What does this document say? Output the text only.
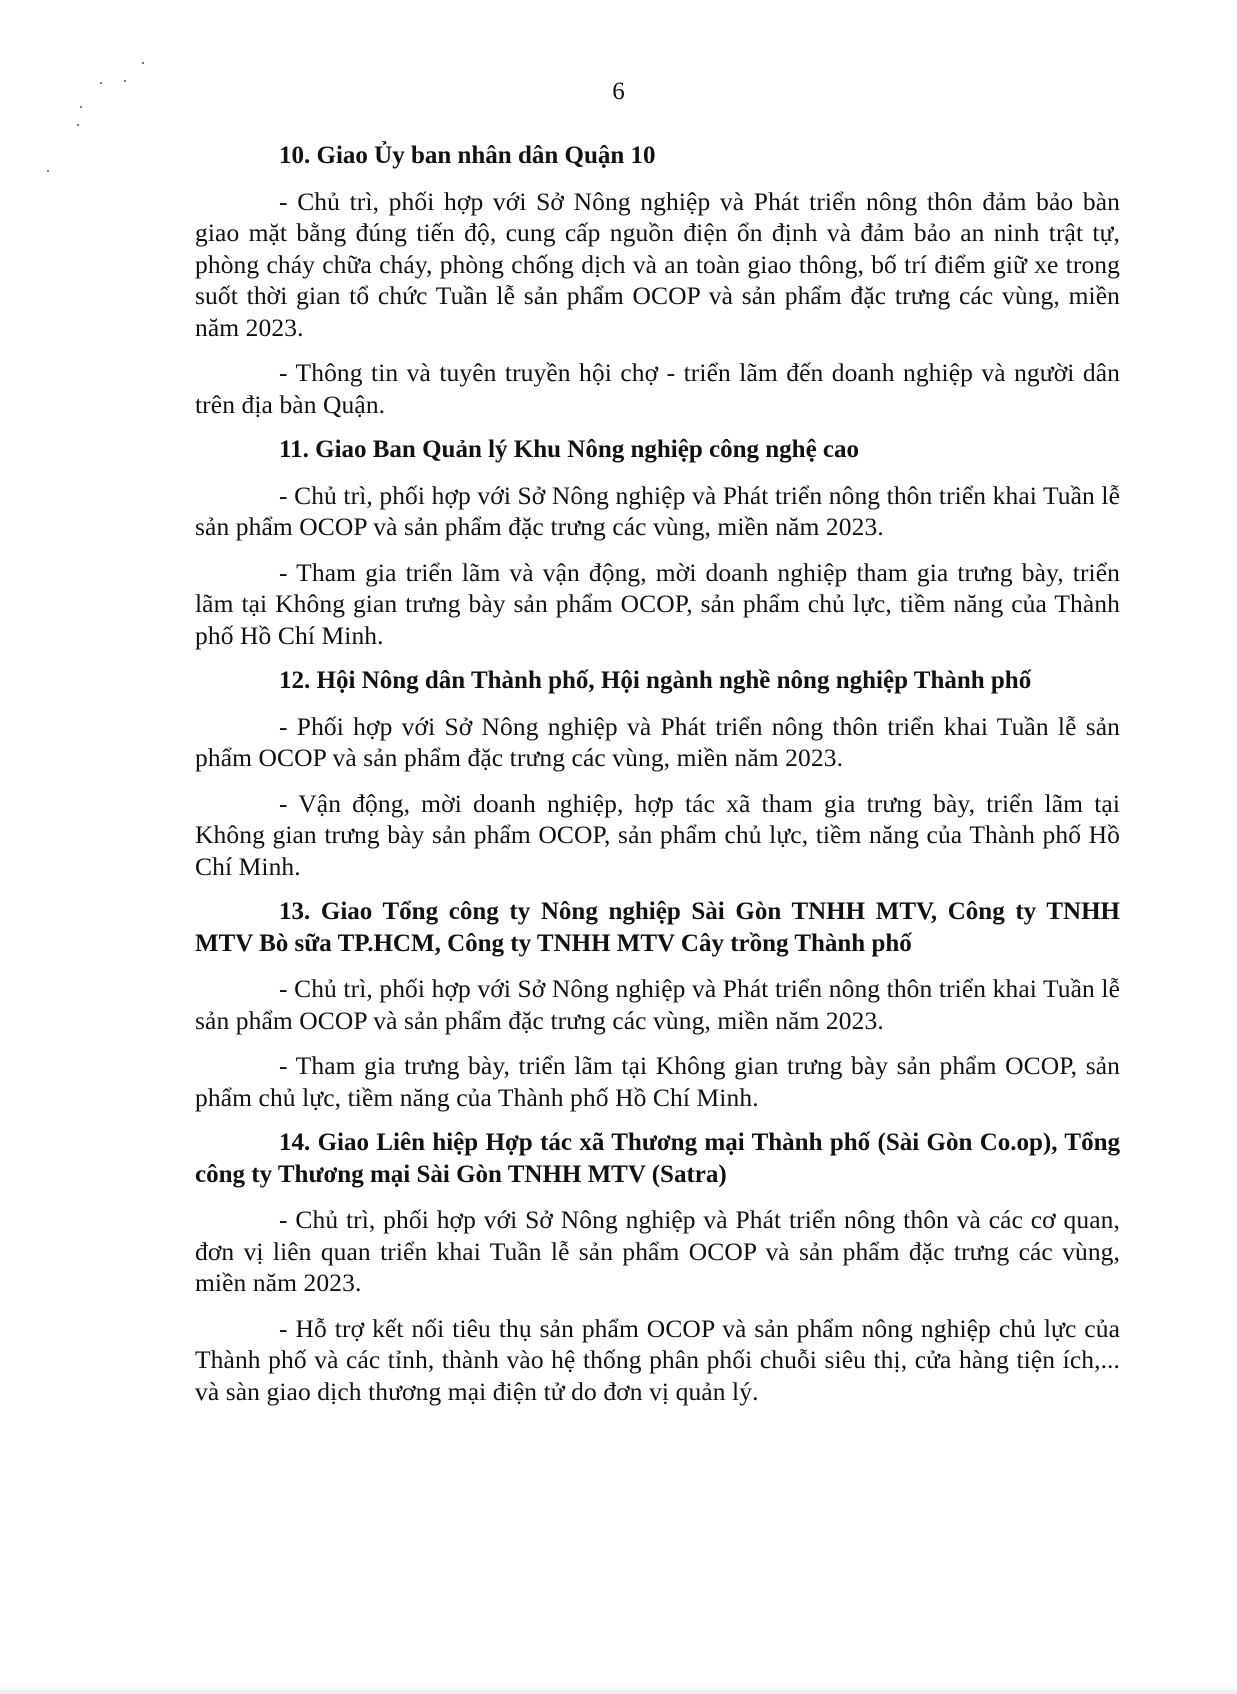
6

10. Giao Ủy ban nhân dân Quận 10

- Chủ trì, phối hợp với Sở Nông nghiệp và Phát triển nông thôn đảm bảo bàn giao mặt bằng đúng tiến độ, cung cấp nguồn điện ổn định và đảm bảo an ninh trật tự, phòng cháy chữa cháy, phòng chống dịch và an toàn giao thông, bố trí điểm giữ xe trong suốt thời gian tổ chức Tuần lễ sản phẩm OCOP và sản phẩm đặc trưng các vùng, miền năm 2023.

- Thông tin và tuyên truyền hội chợ - triển lãm đến doanh nghiệp và người dân trên địa bàn Quận.

11. Giao Ban Quản lý Khu Nông nghiệp công nghệ cao

- Chủ trì, phối hợp với Sở Nông nghiệp và Phát triển nông thôn triển khai Tuần lễ sản phẩm OCOP và sản phẩm đặc trưng các vùng, miền năm 2023.

- Tham gia triển lãm và vận động, mời doanh nghiệp tham gia trưng bày, triển lãm tại Không gian trưng bày sản phẩm OCOP, sản phẩm chủ lực, tiềm năng của Thành phố Hồ Chí Minh.

12. Hội Nông dân Thành phố, Hội ngành nghề nông nghiệp Thành phố

- Phối hợp với Sở Nông nghiệp và Phát triển nông thôn triển khai Tuần lễ sản phẩm OCOP và sản phẩm đặc trưng các vùng, miền năm 2023.

- Vận động, mời doanh nghiệp, hợp tác xã tham gia trưng bày, triển lãm tại Không gian trưng bày sản phẩm OCOP, sản phẩm chủ lực, tiềm năng của Thành phố Hồ Chí Minh.

13. Giao Tổng công ty Nông nghiệp Sài Gòn TNHH MTV, Công ty TNHH MTV Bò sữa TP.HCM, Công ty TNHH MTV Cây trồng Thành phố

- Chủ trì, phối hợp với Sở Nông nghiệp và Phát triển nông thôn triển khai Tuần lễ sản phẩm OCOP và sản phẩm đặc trưng các vùng, miền năm 2023.

- Tham gia trưng bày, triển lãm tại Không gian trưng bày sản phẩm OCOP, sản phẩm chủ lực, tiềm năng của Thành phố Hồ Chí Minh.

14. Giao Liên hiệp Hợp tác xã Thương mại Thành phố (Sài Gòn Co.op), Tổng công ty Thương mại Sài Gòn TNHH MTV (Satra)

- Chủ trì, phối hợp với Sở Nông nghiệp và Phát triển nông thôn và các cơ quan, đơn vị liên quan triển khai Tuần lễ sản phẩm OCOP và sản phẩm đặc trưng các vùng, miền năm 2023.

- Hỗ trợ kết nối tiêu thụ sản phẩm OCOP và sản phẩm nông nghiệp chủ lực của Thành phố và các tỉnh, thành vào hệ thống phân phối chuỗi siêu thị, cửa hàng tiện ích,... và sàn giao dịch thương mại điện tử do đơn vị quản lý.
